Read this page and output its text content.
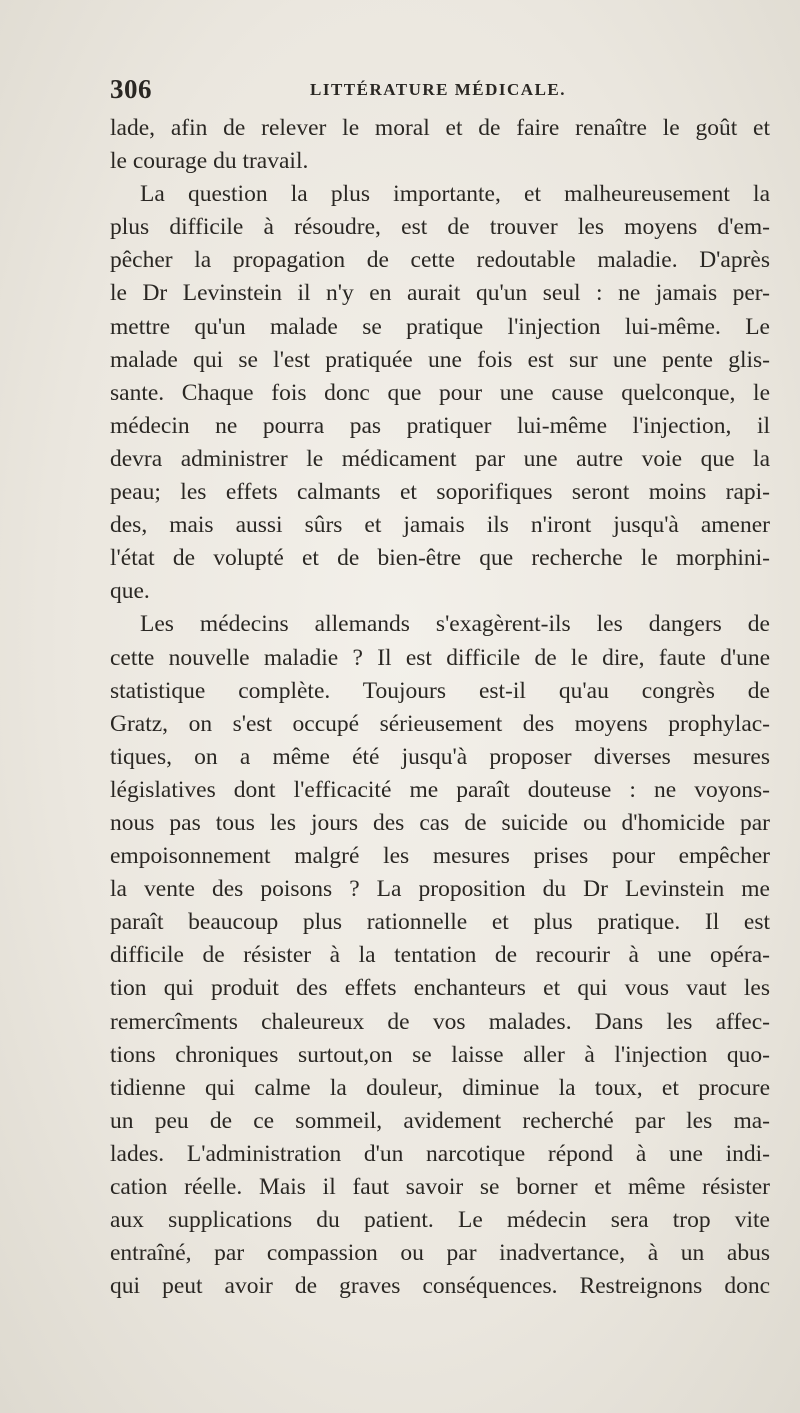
306	LITTÉRATURE MÉDICALE.
lade, afin de relever le moral et de faire renaître le goût et
le courage du travail.
La question la plus importante, et malheureusement la
plus difficile à résoudre, est de trouver les moyens d'em-
pêcher la propagation de cette redoutable maladie. D'après
le Dr Levinstein il n'y en aurait qu'un seul : ne jamais per-
mettre qu'un malade se pratique l'injection lui-même. Le
malade qui se l'est pratiquée une fois est sur une pente glis-
sante. Chaque fois donc que pour une cause quelconque, le
médecin ne pourra pas pratiquer lui-même l'injection, il
devra administrer le médicament par une autre voie que la
peau; les effets calmants et soporifiques seront moins rapi-
des, mais aussi sûrs et jamais ils n'iront jusqu'à amener
l'état de volupté et de bien-être que recherche le morphini-
que.
Les médecins allemands s'exagèrent-ils les dangers de
cette nouvelle maladie ? Il est difficile de le dire, faute d'une
statistique complète. Toujours est-il qu'au congrès de
Gratz, on s'est occupé sérieusement des moyens prophylac-
tiques, on a même été jusqu'à proposer diverses mesures
législatives dont l'efficacité me paraît douteuse : ne voyons-
nous pas tous les jours des cas de suicide ou d'homicide par
empoisonnement malgré les mesures prises pour empêcher
la vente des poisons ? La proposition du Dr Levinstein me
paraît beaucoup plus rationnelle et plus pratique. Il est
difficile de résister à la tentation de recourir à une opéra-
tion qui produit des effets enchanteurs et qui vous vaut les
remercîments chaleureux de vos malades. Dans les affec-
tions chroniques surtout,on se laisse aller à l'injection quo-
tidienne qui calme la douleur, diminue la toux, et procure
un peu de ce sommeil, avidement recherché par les ma-
lades. L'administration d'un narcotique répond à une indi-
cation réelle. Mais il faut savoir se borner et même résister
aux supplications du patient. Le médecin sera trop vite
entraîné, par compassion ou par inadvertance, à un abus
qui peut avoir de graves conséquences. Restreignons donc
